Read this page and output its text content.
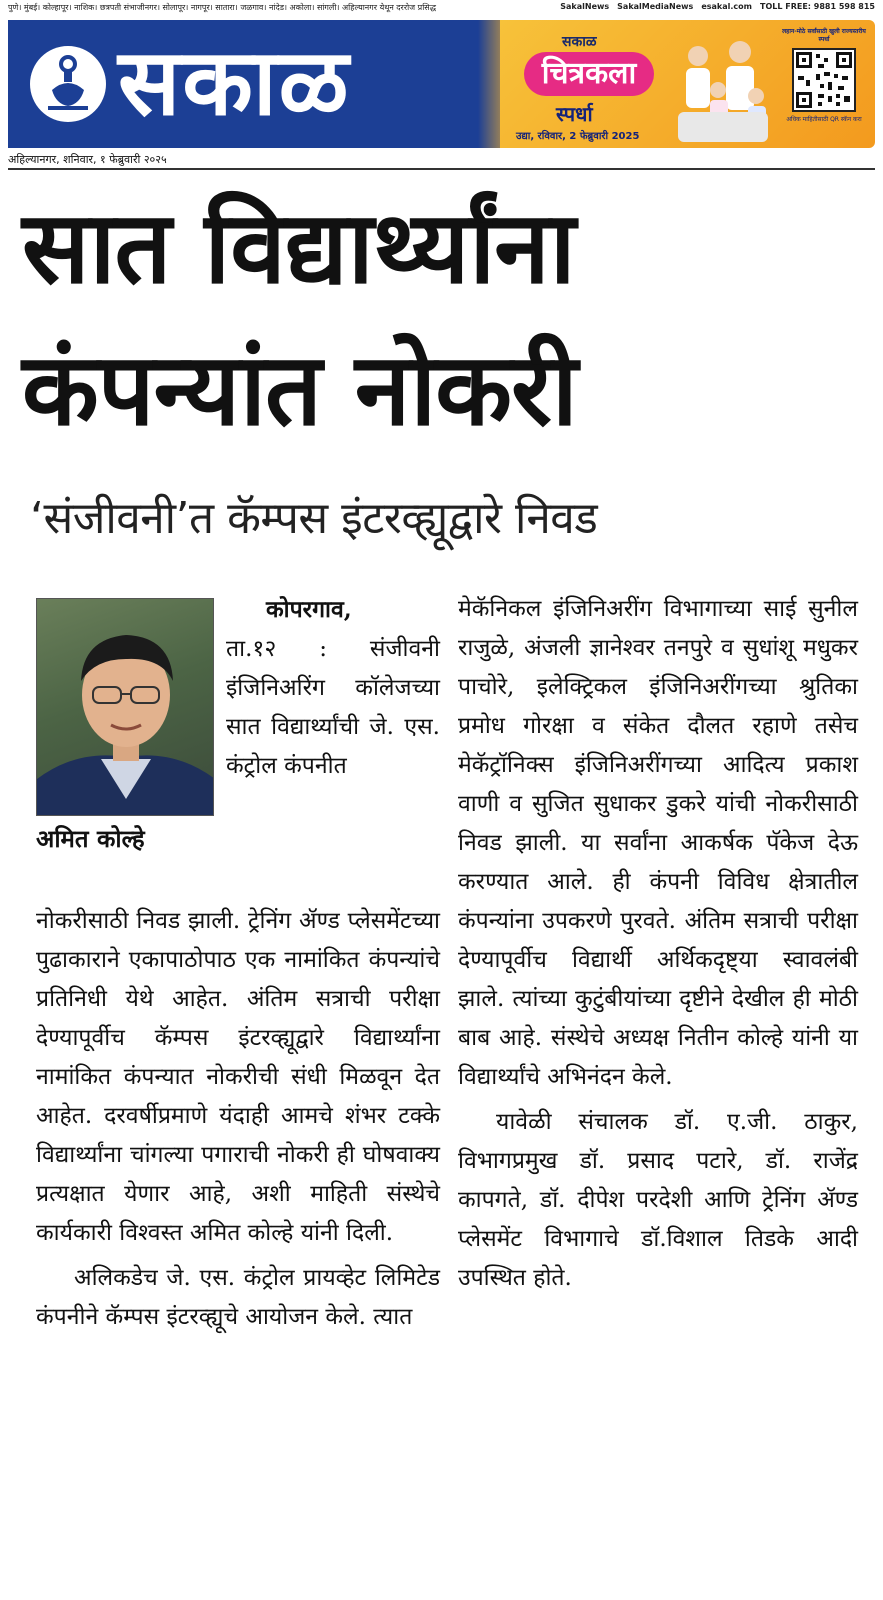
पुणे। मुंबई। कोल्हापूर। नाशिक। छत्रपती संभाजीनगर। सोलापूर। नागपूर। सातारा। जळगाव। नांदेड। अकोला। सांगली। अहिल्यानगर येथून दररोज प्रसिद्ध	SakalNews SakalMediaNews esakal.com TOLL FREE: 9881 598 815
सकाळ	सकाळ
चित्रकला
स्पर्धा
उद्या, रविवार, 2 फेब्रुवारी 2025
लहान-मोठे सर्वांसाठी खुली राज्यस्तरीय स्पर्धा
अधिक माहितीसाठी QR स्कॅन करा
अहिल्यानगर, शनिवार, १ फेब्रुवारी २०२५
सात विद्यार्थ्यांना
कंपन्यांत नोकरी
‘संजीवनी’त कॅम्पस इंटरव्ह्यूद्वारे निवड
अमित कोल्हे

कोपरगाव,

ता.१२ : संजीवनी इंजिनिअरिंग कॉलेजच्या सात विद्यार्थ्यांची जे. एस. कंट्रोल कंपनीत

नोकरीसाठी निवड झाली. ट्रेनिंग ॲण्ड प्लेसमेंटच्या पुढाकाराने एकापाठोपाठ एक नामांकित कंपन्यांचे प्रतिनिधी येथे आहेत. अंतिम सत्राची परीक्षा देण्यापूर्वीच कॅम्पस इंटरव्ह्यूद्वारे विद्यार्थ्यांना नामांकित कंपन्यात नोकरीची संधी मिळवून देत आहेत. दरवर्षीप्रमाणे यंदाही आमचे शंभर टक्के विद्यार्थ्यांना चांगल्या पगाराची नोकरी ही घोषवाक्य प्रत्यक्षात येणार आहे, अशी माहिती संस्थेचे कार्यकारी विश्वस्त अमित कोल्हे यांनी दिली.

अलिकडेच जे. एस. कंट्रोल प्रायव्हेट लिमिटेड कंपनीने कॅम्पस इंटरव्ह्यूचे आयोजन केले. त्यात

मेकॅनिकल इंजिनिअरींग विभागाच्या साई सुनील राजुळे, अंजली ज्ञानेश्वर तनपुरे व सुधांशू मधुकर पाचोरे, इलेक्ट्रिकल इंजिनिअरींगच्या श्रुतिका प्रमोध गोरक्षा व संकेत दौलत रहाणे तसेच मेकॅट्रॉनिक्स इंजिनिअरींगच्या आदित्य प्रकाश वाणी व सुजित सुधाकर डुकरे यांची नोकरीसाठी निवड झाली. या सर्वांना आकर्षक पॅकेज देऊ करण्यात आले. ही कंपनी विविध क्षेत्रातील कंपन्यांना उपकरणे पुरवते. अंतिम सत्राची परीक्षा देण्यापूर्वीच विद्यार्थी अर्थिकदृष्ट्या स्वावलंबी झाले. त्यांच्या कुटुंबीयांच्या दृष्टीने देखील ही मोठी बाब आहे. संस्थेचे अध्यक्ष नितीन कोल्हे यांनी या विद्यार्थ्यांचे अभिनंदन केले.

यावेळी संचालक डॉ. ए.जी. ठाकुर, विभागप्रमुख डॉ. प्रसाद पटारे, डॉ. राजेंद्र कापगते, डॉ. दीपेश परदेशी आणि ट्रेनिंग ॲण्ड प्लेसमेंट विभागाचे डॉ.विशाल तिडके आदी उपस्थित होते.
